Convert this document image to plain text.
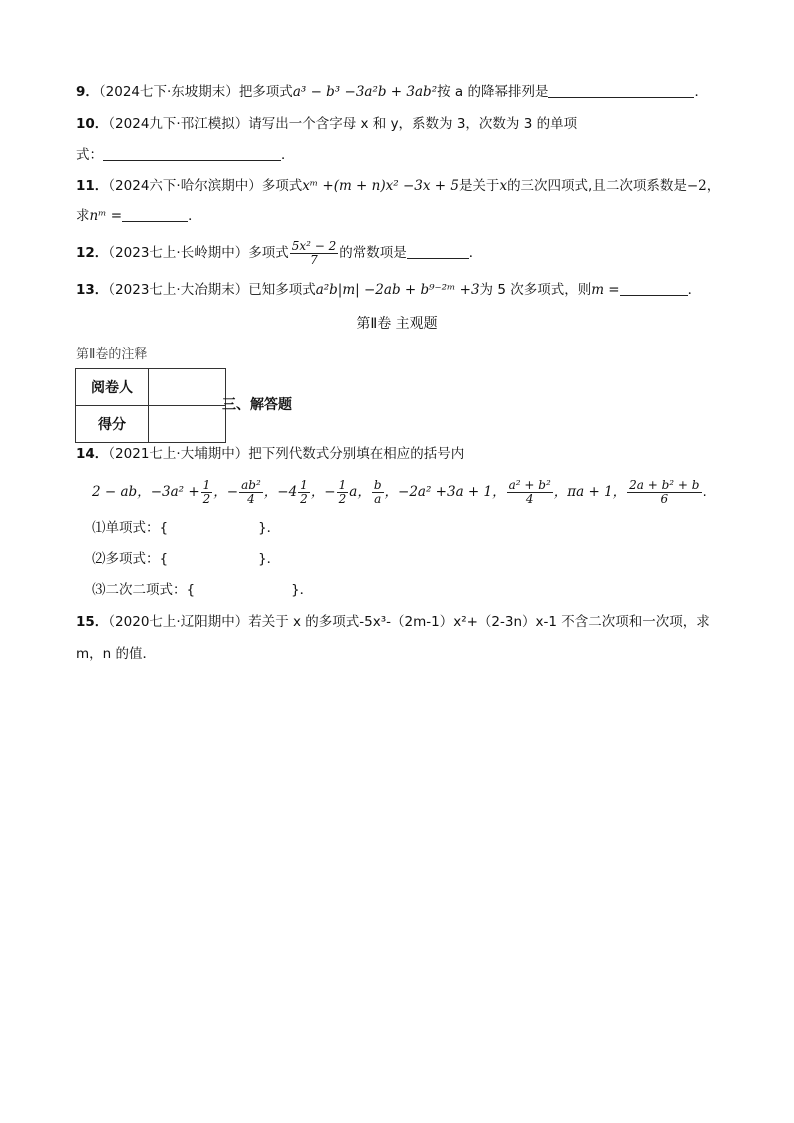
9．（2024七下·东坡期末）把多项式a³ − b³ −3a²b + 3ab²按 a 的降幂排列是	．
10．（2024九下·邗江模拟）请写出一个含字母 x 和 y，系数为 3，次数为 3 的单项
式：	．
11．（2024六下·哈尔滨期中）多项式xᵐ +(m + n)x² −3x + 5是关于x的三次四项式,且二次项系数是−2，
求nᵐ =	．
12．（2023七上·长岭期中）多项式 $\frac{\text{5x² − 2}}{7}$ 的常数项是	．
13．（2023七上·大冶期末）已知多项式a²b|m| −2ab + b⁹⁻²ᵐ +3为 5 次多项式，则m =	．
第Ⅱ卷 主观题
第Ⅱ卷的注释
阅卷人	
得分	
三、解答题
14．（2021七上·大埔期中）把下列代数式分别填在相应的括号内
2 − ab，$-3a^2 + \frac{1}{2}$ ，− $\frac{\text{ab²}}{4}$ ，$-4 \frac{1}{2}$ ，− $\frac{1}{2}$ a， $\frac{b}{a}$ ，−2a² +3a + 1， $\frac{\text{a² + b²}}{4}$ ，πa + 1， $\frac{\text{2a + b² + b}}{6}$ .
⑴单项式：{	}．
⑵多项式：{	}．
⑶二次二项式：{	}．
15．（2020七上·辽阳期中）若关于 x 的多项式-5x³-（2m-1）x²+（2-3n）x-1 不含二次项和一次项，求
m，n 的值．
